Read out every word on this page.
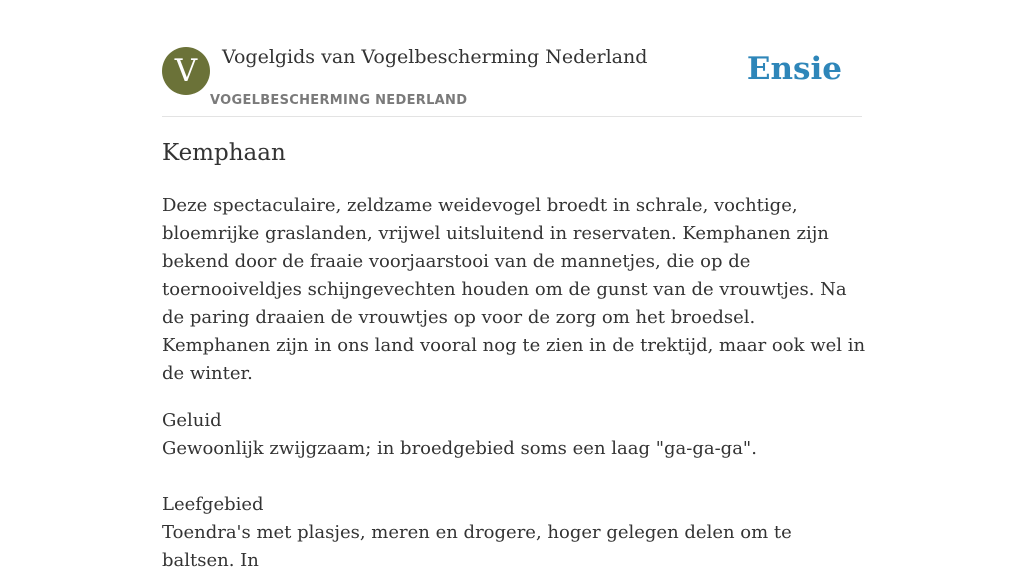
V	Vogelgids van Vogelbescherming Nederland
VOGELBESCHERMING NEDERLAND
Ensie
Kemphaan

Deze spectaculaire, zeldzame weidevogel broedt in schrale, vochtige, bloemrijke graslanden, vrijwel uitsluitend in reservaten. Kemphanen zijn bekend door de fraaie voorjaarstooi van de mannetjes, die op de toernooiveldjes schijngevechten houden om de gunst van de vrouwtjes. Na de paring draaien de vrouwtjes op voor de zorg om het broedsel. Kemphanen zijn in ons land vooral nog te zien in de trektijd, maar ook wel in de winter.

Geluid
Gewoonlijk zwijgzaam; in broedgebied soms een laag "ga-ga-ga".
Leefgebied
Toendra's met plasjes, meren en drogere, hoger gelegen delen om te baltsen. In
